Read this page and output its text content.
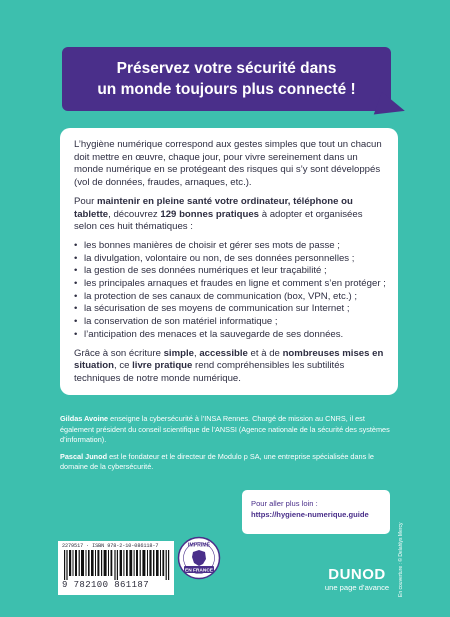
Préservez votre sécurité dans
un monde toujours plus connecté !

L’hygiène numérique correspond aux gestes simples que tout un chacun doit mettre en œuvre, chaque jour, pour vivre sereinement dans un monde numérique en se protégeant des risques qui s’y sont développés (vol de données, fraudes, arnaques, etc.).

Pour maintenir en pleine santé votre ordinateur, téléphone ou tablette, découvrez 129 bonnes pratiques à adopter et organisées selon ces huit thématiques :

• les bonnes manières de choisir et gérer ses mots de passe ;
• la divulgation, volontaire ou non, de ses données personnelles ;
• la gestion de ses données numériques et leur traçabilité ;
• les principales arnaques et fraudes en ligne et comment s’en protéger ;
• la protection de ses canaux de communication (box, VPN, etc.) ;
• la sécurisation de ses moyens de communication sur Internet ;
• la conservation de son matériel informatique ;
• l’anticipation des menaces et la sauvegarde de ses données.

Grâce à son écriture simple, accessible et à de nombreuses mises en situation, ce livre pratique rend compréhensibles les subtilités techniques de notre monde numérique.

Gildas Avoine enseigne la cybersécurité à l’INSA Rennes. Chargé de mission au CNRS, il est également président du conseil scientifique de l’ANSSI (Agence nationale de la sécurité des systèmes d’information).

Pascal Junod est le fondateur et le directeur de Modulo p SA, une entreprise spécialisée dans le domaine de la cybersécurité.

Pour aller plus loin :
https://hygiene-numerique.guide
2279517 · ISBN 978-2-10-086118-7
9 782100 861187
IMPRIMÉ
EN FRANCE	DUNOD
une page d’avance	En couverture : © Delahlys Mercy
